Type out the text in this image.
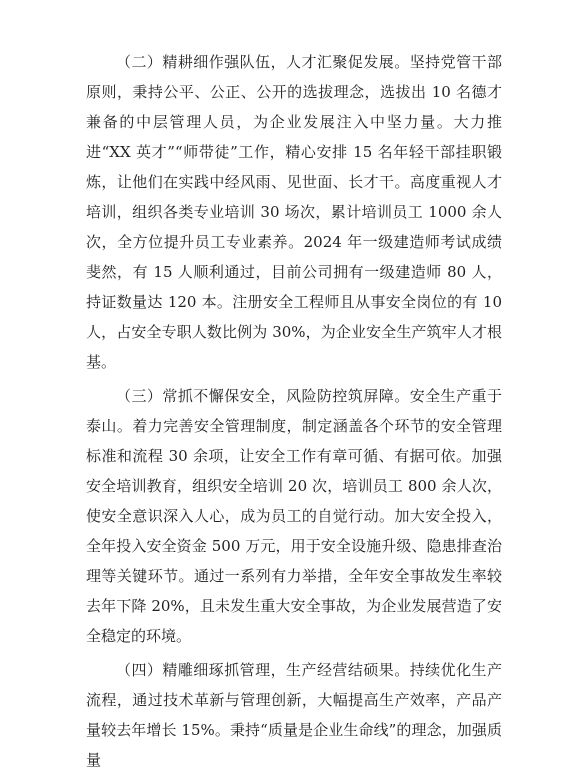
（二）精耕细作强队伍，人才汇聚促发展。坚持党管干部原则，秉持公平、公正、公开的选拔理念，选拔出 10 名德才兼备的中层管理人员，为企业发展注入中坚力量。大力推进“XX 英才”“师带徒”工作，精心安排 15 名年轻干部挂职锻炼，让他们在实践中经风雨、见世面、长才干。高度重视人才培训，组织各类专业培训 30 场次，累计培训员工 1000 余人次，全方位提升员工专业素养。2024 年一级建造师考试成绩斐然，有 15 人顺利通过，目前公司拥有一级建造师 80 人，持证数量达 120 本。注册安全工程师且从事安全岗位的有 10 人，占安全专职人数比例为 30%，为企业安全生产筑牢人才根基。

（三）常抓不懈保安全，风险防控筑屏障。安全生产重于泰山。着力完善安全管理制度，制定涵盖各个环节的安全管理标准和流程 30 余项，让安全工作有章可循、有据可依。加强安全培训教育，组织安全培训 20 次，培训员工 800 余人次，使安全意识深入人心，成为员工的自觉行动。加大安全投入，全年投入安全资金 500 万元，用于安全设施升级、隐患排查治理等关键环节。通过一系列有力举措，全年安全事故发生率较去年下降 20%，且未发生重大安全事故，为企业发展营造了安全稳定的环境。

（四）精雕细琢抓管理，生产经营结硕果。持续优化生产流程，通过技术革新与管理创新，大幅提高生产效率，产品产量较去年增长 15%。秉持“质量是企业生命线”的理念，加强质量
